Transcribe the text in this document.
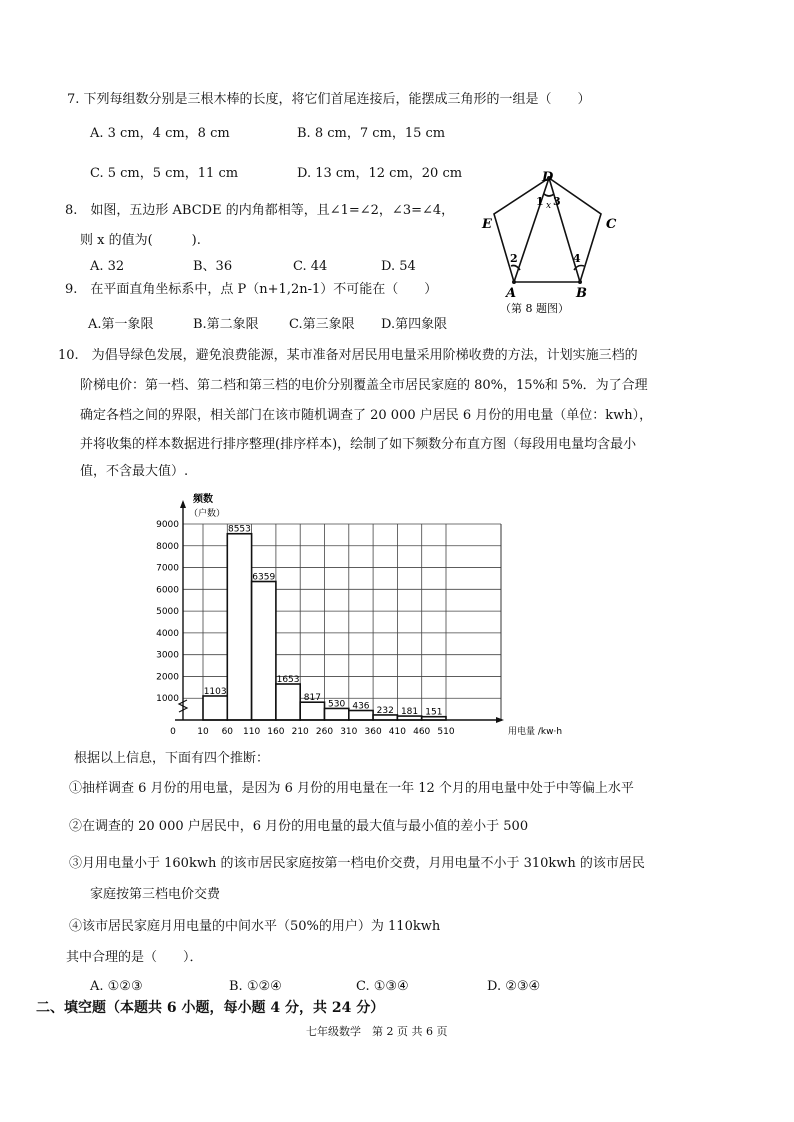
7. 下列每组数分别是三根木棒的长度，将它们首尾连接后，能摆成三角形的一组是（　　）
A. 3 cm，4 cm，8 cm	B. 8 cm，7 cm，15 cm
C. 5 cm，5 cm，11 cm	D. 13 cm，12 cm，20 cm
8.　如图，五边形 ABCDE 的内角都相等，且∠1=∠2，∠3=∠4，
则 x 的值为(　　　).
A. 32	B、36	C. 44	D. 54
D
C
E
A	B
1 x 3
2	4
（第 8 题图）
9.　在平面直角坐标系中，点 P（n+1,2n-1）不可能在（　　）
A.第一象限	B.第二象限 C.第三象限 D.第四象限
10.　为倡导绿色发展，避免浪费能源，某市准备对居民用电量采用阶梯收费的方法，计划实施三档的
阶梯电价：第一档、第二档和第三档的电价分别覆盖全市居民家庭的 80%，15%和 5%．为了合理
确定各档之间的界限，相关部门在该市随机调查了 20 000 户居民 6 月份的用电量（单位：kwh），
并将收集的样本数据进行排序整理(排序样本)，绘制了如下频数分布直方图（每段用电量均含最小
值，不含最大值）.
1000
2000
3000
4000
5000
6000
7000
8000
9000
1103
8553
6359
1653
817
530 436 232 181 151
0 10 60 110 160 210 260 310 360 410 460 510
频数
（户数）
用电量 /kw·h
根据以上信息，下面有四个推断：
①抽样调查 6 月份的用电量，是因为 6 月份的用电量在一年 12 个月的用电量中处于中等偏上水平
②在调查的 20 000 户居民中，6 月份的用电量的最大值与最小值的差小于 500
③月用电量小于 160kwh 的该市居民家庭按第一档电价交费，月用电量不小于 310kwh 的该市居民
家庭按第三档电价交费
④该市居民家庭月用电量的中间水平（50%的用户）为 110kwh
其中合理的是（　　）．
A. ①②③	B. ①②④	C. ①③④	D. ②③④
二、填空题（本题共 6 小题，每小题 4 分，共 24 分）
七年级数学　第 2 页 共 6 页
